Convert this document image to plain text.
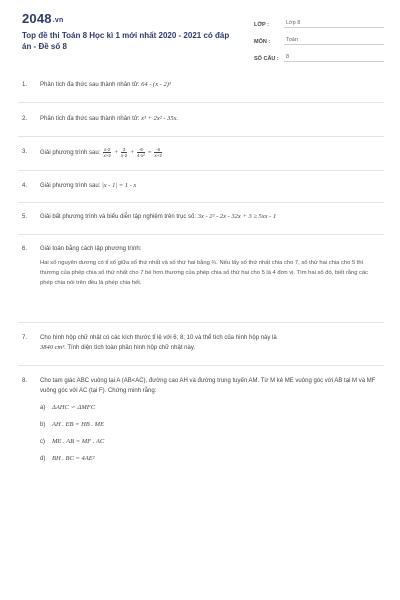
2048.vn
Top đề thi Toán 8 Học kì 1 mới nhất 2020 - 2021 có đáp án - Đề số 8
LỚP :	Lớp 8
MÔN :	Toán
SỐ CÂU :	8
1.	Phân tích đa thức sau thành nhân tử: 64 - (x - 2)³
2.	Phân tích đa thức sau thành nhân tử: x³ + 2x² - 35x.
3.	Giải phương trình sau: $\frac{x-2}{x+2} + \frac{3}{x-2} + \frac{-6}{\text{4-x²}} = \frac{-6}{x+2}$
4.	Giải phương trình sau: |x - 1| = 1 - x
5.	Giải bất phương trình và biểu diễn tập nghiệm trên trục số: 3x - 2² - 2x - 32x + 3 ≥ 5xx - 1
6.	Giải toán bằng cách lập phương trình:
Hai số nguyên dương có tỉ số giữa số thứ nhất và số thứ hai bằng ¾. Nếu lấy số thứ nhất chia cho 7, số thứ hai chia cho 5 thì thương của phép chia số thứ nhất cho 7 bé hơn thương của phép chia số thứ hai cho 5 là 4 đơn vị. Tìm hai số đó, biết rằng các phép chia nói trên đều là phép chia hết.
7.	Cho hình hộp chữ nhật có các kích thước tỉ lệ với 6; 8; 10 và thể tích của hình hộp này là
3840 cm³. Tính diện tích toàn phần hình hộp chữ nhật này.
8.	Cho tam giác ABC vuông tại A (AB<AC), đường cao AH và đường trung tuyến AM. Từ M kẻ ME vuông góc với AB tại M và MF vuông góc với AC (tại F). Chứng minh rằng:
a) ΔAHC ∽ ΔMFC
b) AH . EB = HB . ME
c) ME . AB = MF . AC
d) BH . BC = 4AE²
